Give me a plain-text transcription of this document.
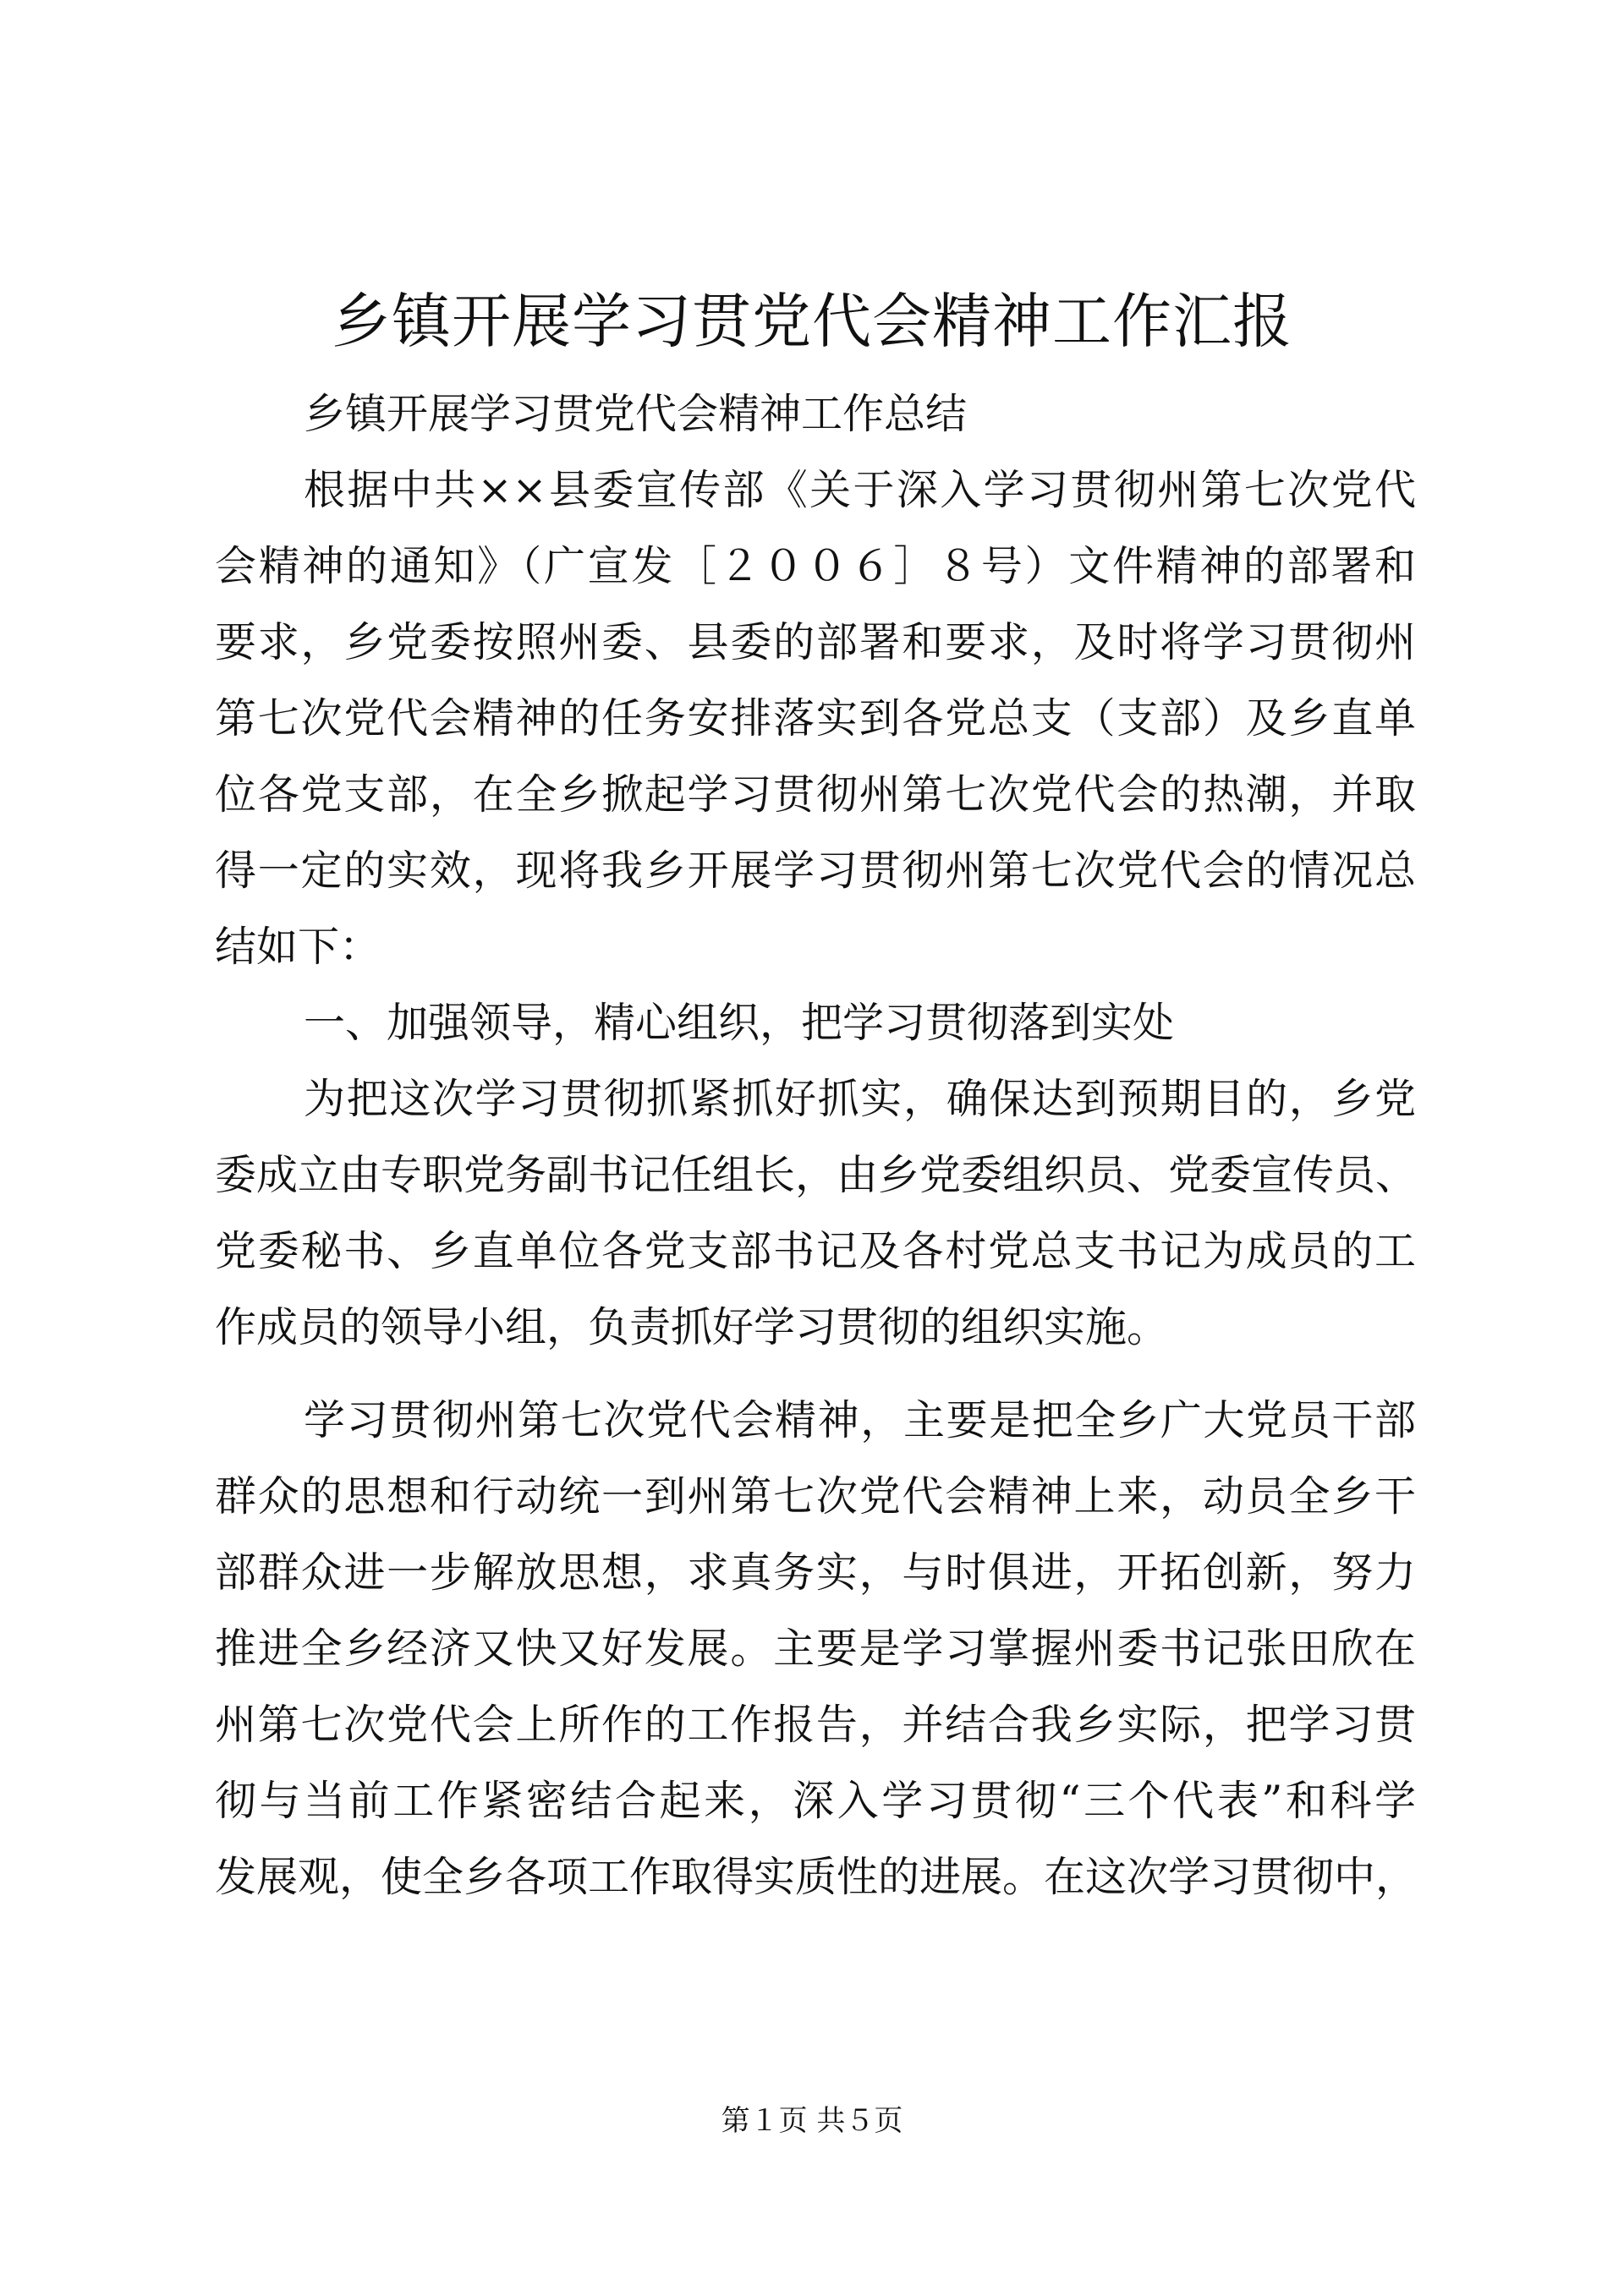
乡镇开展学习贯党代会精神工作汇报

乡镇开展学习贯党代会精神工作总结

根据中共××县委宣传部《关于深入学习贯彻州第七次党代

会精神的通知》（广宣发［２００６］８号）文件精神的部署和

要求，乡党委按照州委、县委的部署和要求，及时将学习贯彻州

第七次党代会精神的任务安排落实到各党总支（支部）及乡直单

位各党支部，在全乡掀起学习贯彻州第七次党代会的热潮，并取

得一定的实效，现将我乡开展学习贯彻州第七次党代会的情况总

结如下：

一、加强领导，精心组织，把学习贯彻落到实处

为把这次学习贯彻抓紧抓好抓实，确保达到预期目的，乡党

委成立由专职党务副书记任组长，由乡党委组织员、党委宣传员、

党委秘书、乡直单位各党支部书记及各村党总支书记为成员的工

作成员的领导小组，负责抓好学习贯彻的组织实施。

学习贯彻州第七次党代会精神，主要是把全乡广大党员干部

群众的思想和行动统一到州第七次党代会精神上来，动员全乡干

部群众进一步解放思想，求真务实，与时俱进，开拓创新，努力

推进全乡经济又快又好发展。主要是学习掌握州委书记张田欣在

州第七次党代会上所作的工作报告，并结合我乡实际，把学习贯

彻与当前工作紧密结合起来，深入学习贯彻“三个代表”和科学

发展观，使全乡各项工作取得实质性的进展。在这次学习贯彻中，

第１页 共５页
